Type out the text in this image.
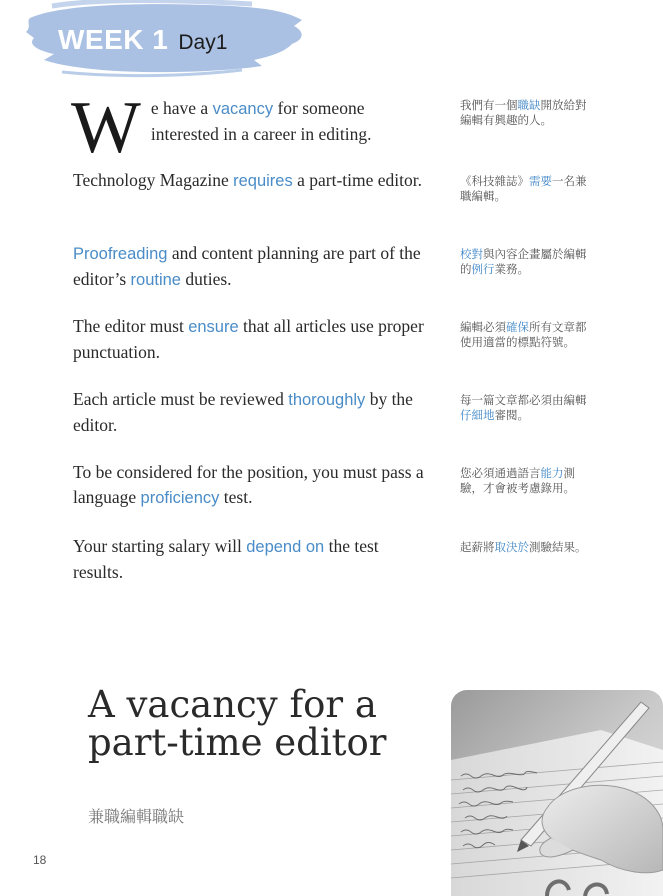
WEEK 1 Day1
We have a vacancy for someone interested in a career in editing.
我們有一個職缺開放給對編輯有興趣的人。
Technology Magazine requires a part-time editor.	《科技雜誌》需要一名兼職編輯。
Proofreading and content planning are part of the editor’s routine duties.
校對與內容企畫屬於編輯的例行業務。
The editor must ensure that all articles use proper punctuation.
編輯必須確保所有文章都使用適當的標點符號。
Each article must be reviewed thoroughly by the editor.
每一篇文章都必須由編輯仔細地審閱。
To be considered for the position, you must pass a language proficiency test.
您必須通過語言能力測驗，才會被考慮錄用。
Your starting salary will depend on the test results.
起薪將取決於測驗結果。
A vacancy for a
part-time editor
兼職編輯職缺
18
